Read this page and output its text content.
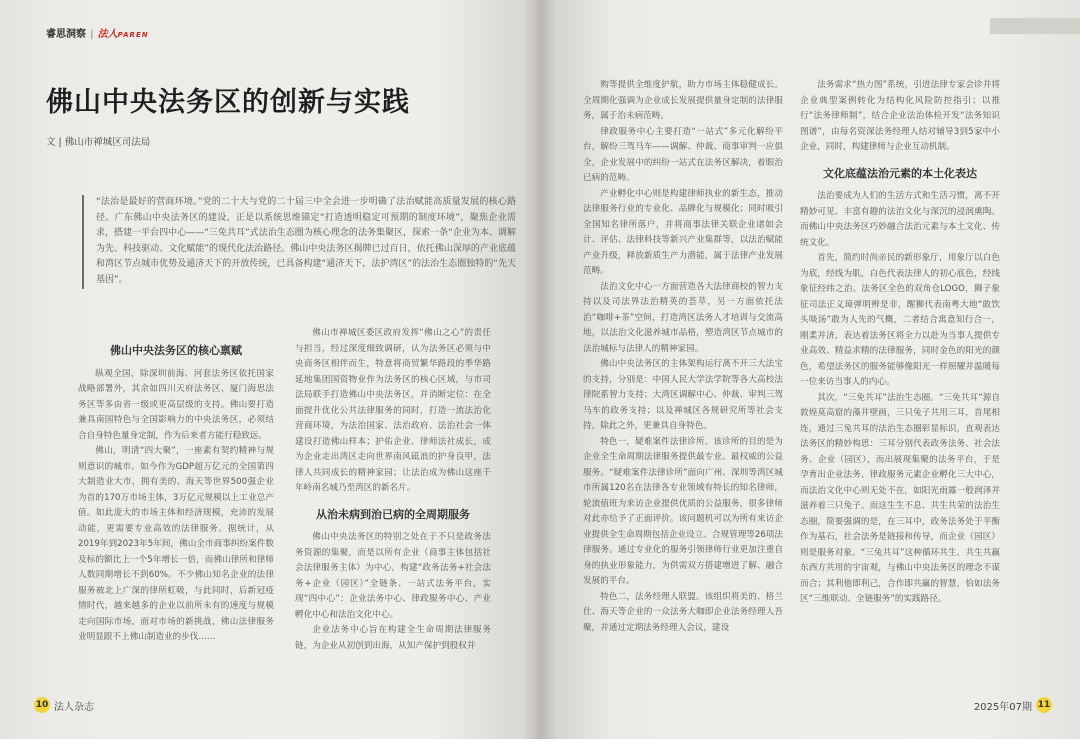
睿思洞察 | 法人PAREN
佛山中央法务区的创新与实践
文 | 佛山市禅城区司法局
“法治是最好的营商环境。”党的二十大与党的二十届三中全会进一步明确了法治赋能高质量发展的核心路径。广东佛山中央法务区的建设，正是以系统思维锚定“打造透明稳定可预期的制度环境”，聚焦企业需求，搭建一平台四中心——“三免共耳”式法治生态圈为核心理念的法务集聚区，探索一条“企业为本、调解为先、科技驱动、文化赋能”的现代化法治路径。佛山中央法务区揭牌已过百日，依托佛山深厚的产业底蕴和湾区节点城市优势及通济天下的开放传统，已具备构建“通济天下，法护湾区”的法治生态圈独特的“先天基因”。
佛山中央法务区的核心禀赋

纵观全国，除深圳前海、河套法务区依托国家战略部署外，其余如四川天府法务区、厦门海思法务区等多由省一级或更高层级的支持。佛山要打造兼具南国特色与全国影响力的中央法务区，必须结合自身特色量身定制，作为后来者方能行稳致远。

佛山，明清“四大聚”，一座素有契约精神与规则意识的城市。如今作为GDP超万亿元的全国第四大制造业大市，拥有美的、海天等世界500强企业为首的170万市场主体，3万亿元规模以上工业总产值。如此庞大的市场主体和经济规模，充沛的发展动能，更需要专业高效的法律服务。据统计，从2019年到2023年5年间，佛山全市商事纠纷案件数及标的额比上一个5年增长一倍，而佛山律所和律师人数同期增长不到60%。不少佛山知名企业的法律服务被北上广深的律所虹吸，与此同时，后新冠疫情时代，越来越多的企业以前所未有的速度与规模走向国际市场，面对市场的新挑战，佛山法律服务业明显跟不上佛山制造业的步伐……

佛山市禅城区委区政府发挥“佛山之心”的责任与担当，经过深度细致调研，认为法务区必须与中央商务区相伴而生，特意将商贸繁华路段的季华路延地集团国资物业作为法务区的核心区域，与市司法局联手打造佛山中央法务区，并消断定位：在全面提升优化公共法律服务的同时，打造一流法治化营商环境，为法治国家、法治政府、法治社会一体建设打造佛山样本；护佑企业、律师法社成长，成为企业走出湾区走向世界南风砥浪的护身良甲，法律人共同成长的精神家园；让法治成为佛山这座千年岭南名城乃至湾区的新名片。

从治未病到治已病的全周期服务

佛山中央法务区的特别之处在于不只是政务法务资源的集聚，而是以所有企业（商事主体包括社会法律服务主体）为中心，构建“政务法务+社会法务+企业（园区）”全链条、一站式法务平台，实现“四中心”：企业法务中心、律政服务中心、产业孵化中心和法治文化中心。

企业法务中心旨在构建全生命周期法律服务链，为企业从初创到出海，从知产保护到股权并

10 法人杂志	2025年07期 11

购等提供全维度护航，助力市场主体稳健成长。全周期化强调为企业成长发展提供量身定制的法律服务，属于治未病范畴。

律政服务中心主要打造“一站式”多元化解纷平台，解纷三驾马车——调解、仲裁、商事审判一应俱全，企业发展中的纠纷一站式在法务区解决，着眼治已病的范畴。

产业孵化中心则是构建律师执业的新生态，推动法律服务行业的专业化、品牌化与规模化；同时吸引全国知名律所落户，并将商事法律关联企业诸如会计、评估、法律科技等新兴产业集群等，以法治赋能产业升级，释放新质生产力潜能，属于法律产业发展范畴。

法治文化中心一方面营造各大法律商校的智力支持以及司法界法治精英的荟萃，另一方面依托法治“咖啡+茶”空间，打造湾区法务人才培训与交流高地，以法治文化滋养城市品格，塑造湾区节点城市的法治城标与法律人的精神家园。

佛山中央法务区的主体架构运行离不开三大法宝的支持，分别是：中国人民大学法学院等各大高校法律院系智力支持；大湾区调解中心、仲裁、审判三驾马车的政务支持；以及禅城区各规研究所等社会支持，除此之外，更兼具自身特色。

特色一，疑难案件法律诊所。该诊所的目的是为企业全生命周期法律服务提供最专业、最权威的公益服务。“疑难案件法律诊所”面向广州、深圳等湾区城市所属120名在法律各专业领域有特长的知名律师，轮流值班为来访企业提供优质的公益服务，很多律师对此亦给予了正面评价。该问题机可以为所有来访企业提供全生命周期包括企业设立、合规管理等26项法律服务。通过专业化的服务引领律师行业更加注重自身的执业形象能力，为供需双方搭建增进了解、融合发展的平台。

特色二，法务经理人联盟。该组织将美的、格兰仕、海天等企业的一众法务大咖即企业法务经理人吾聚，并通过定期法务经理人会议，建设

法务需求“热力图”系统，引进法律专家会诊并将企业典型案例转化为结构化风险防控指引；以推行“法务律师制”，结合企业法治体检开发“法务知识图谱”，由每名资深法务经理人结对辅导3到5家中小企业，同时，构建律师与企业互动机制。

文化底蕴法治元素的本土化表达

法治要成为人们的生活方式和生活习惯，离不开精妙可见、丰富有趣的法治文化与深沉的浸润熏陶。而佛山中央法务区巧妙融合法治元素与本土文化、传统文化。

首先，简约时尚亲民的新形象厅，用象厅以白色为底，经线为肌，白色代表法律人的初心底色，经线象征经纬之治。法务区全色的双角仓LOGO，狮子象征司法正义璋弹明辨是非，醒狮代表南粤大地“敢饮头啖汤”敢为人先的气概，二者结合寓意知行合一，刚柔并济，表达着法务区将全力以赴为当事人提供专业高效、精益求精的法律服务，同时金色的阳光的颜色，希望法务区的服务能够像阳光一样照耀并温暖每一位来访当事人的内心。

其次，“三免共耳”法治生态圈。“三免共耳”源自敦煌莫高窟的藻井壁画，三只兔子共用三耳，首尾相连，通过三兔共耳的法治生态圈彰显标识，直观表达法务区的精妙构思：三耳分别代表政务法务、社会法务、企业（园区），而出展现集聚的法务平台，于是孕育出企业法务、律政服务元素企业孵化三大中心，而法治文化中心则无处不在，如阳光雨露一般润泽并滋养着三只兔子。而这生生不息、共生共荣的法治生态圈，简要强调的是，在三耳中，政务法务处于平衡作为基石，社会法务是链接和传导，而企业（园区）则是服务对象。“三兔共耳”这种循环共生、共生共赢东西方共用的宇宙观，与佛山中央法务区的理念不谋而合；其利他即利己，合作即共赢的智慧，恰如法务区“三维联动、全链服务”的实践路径。
